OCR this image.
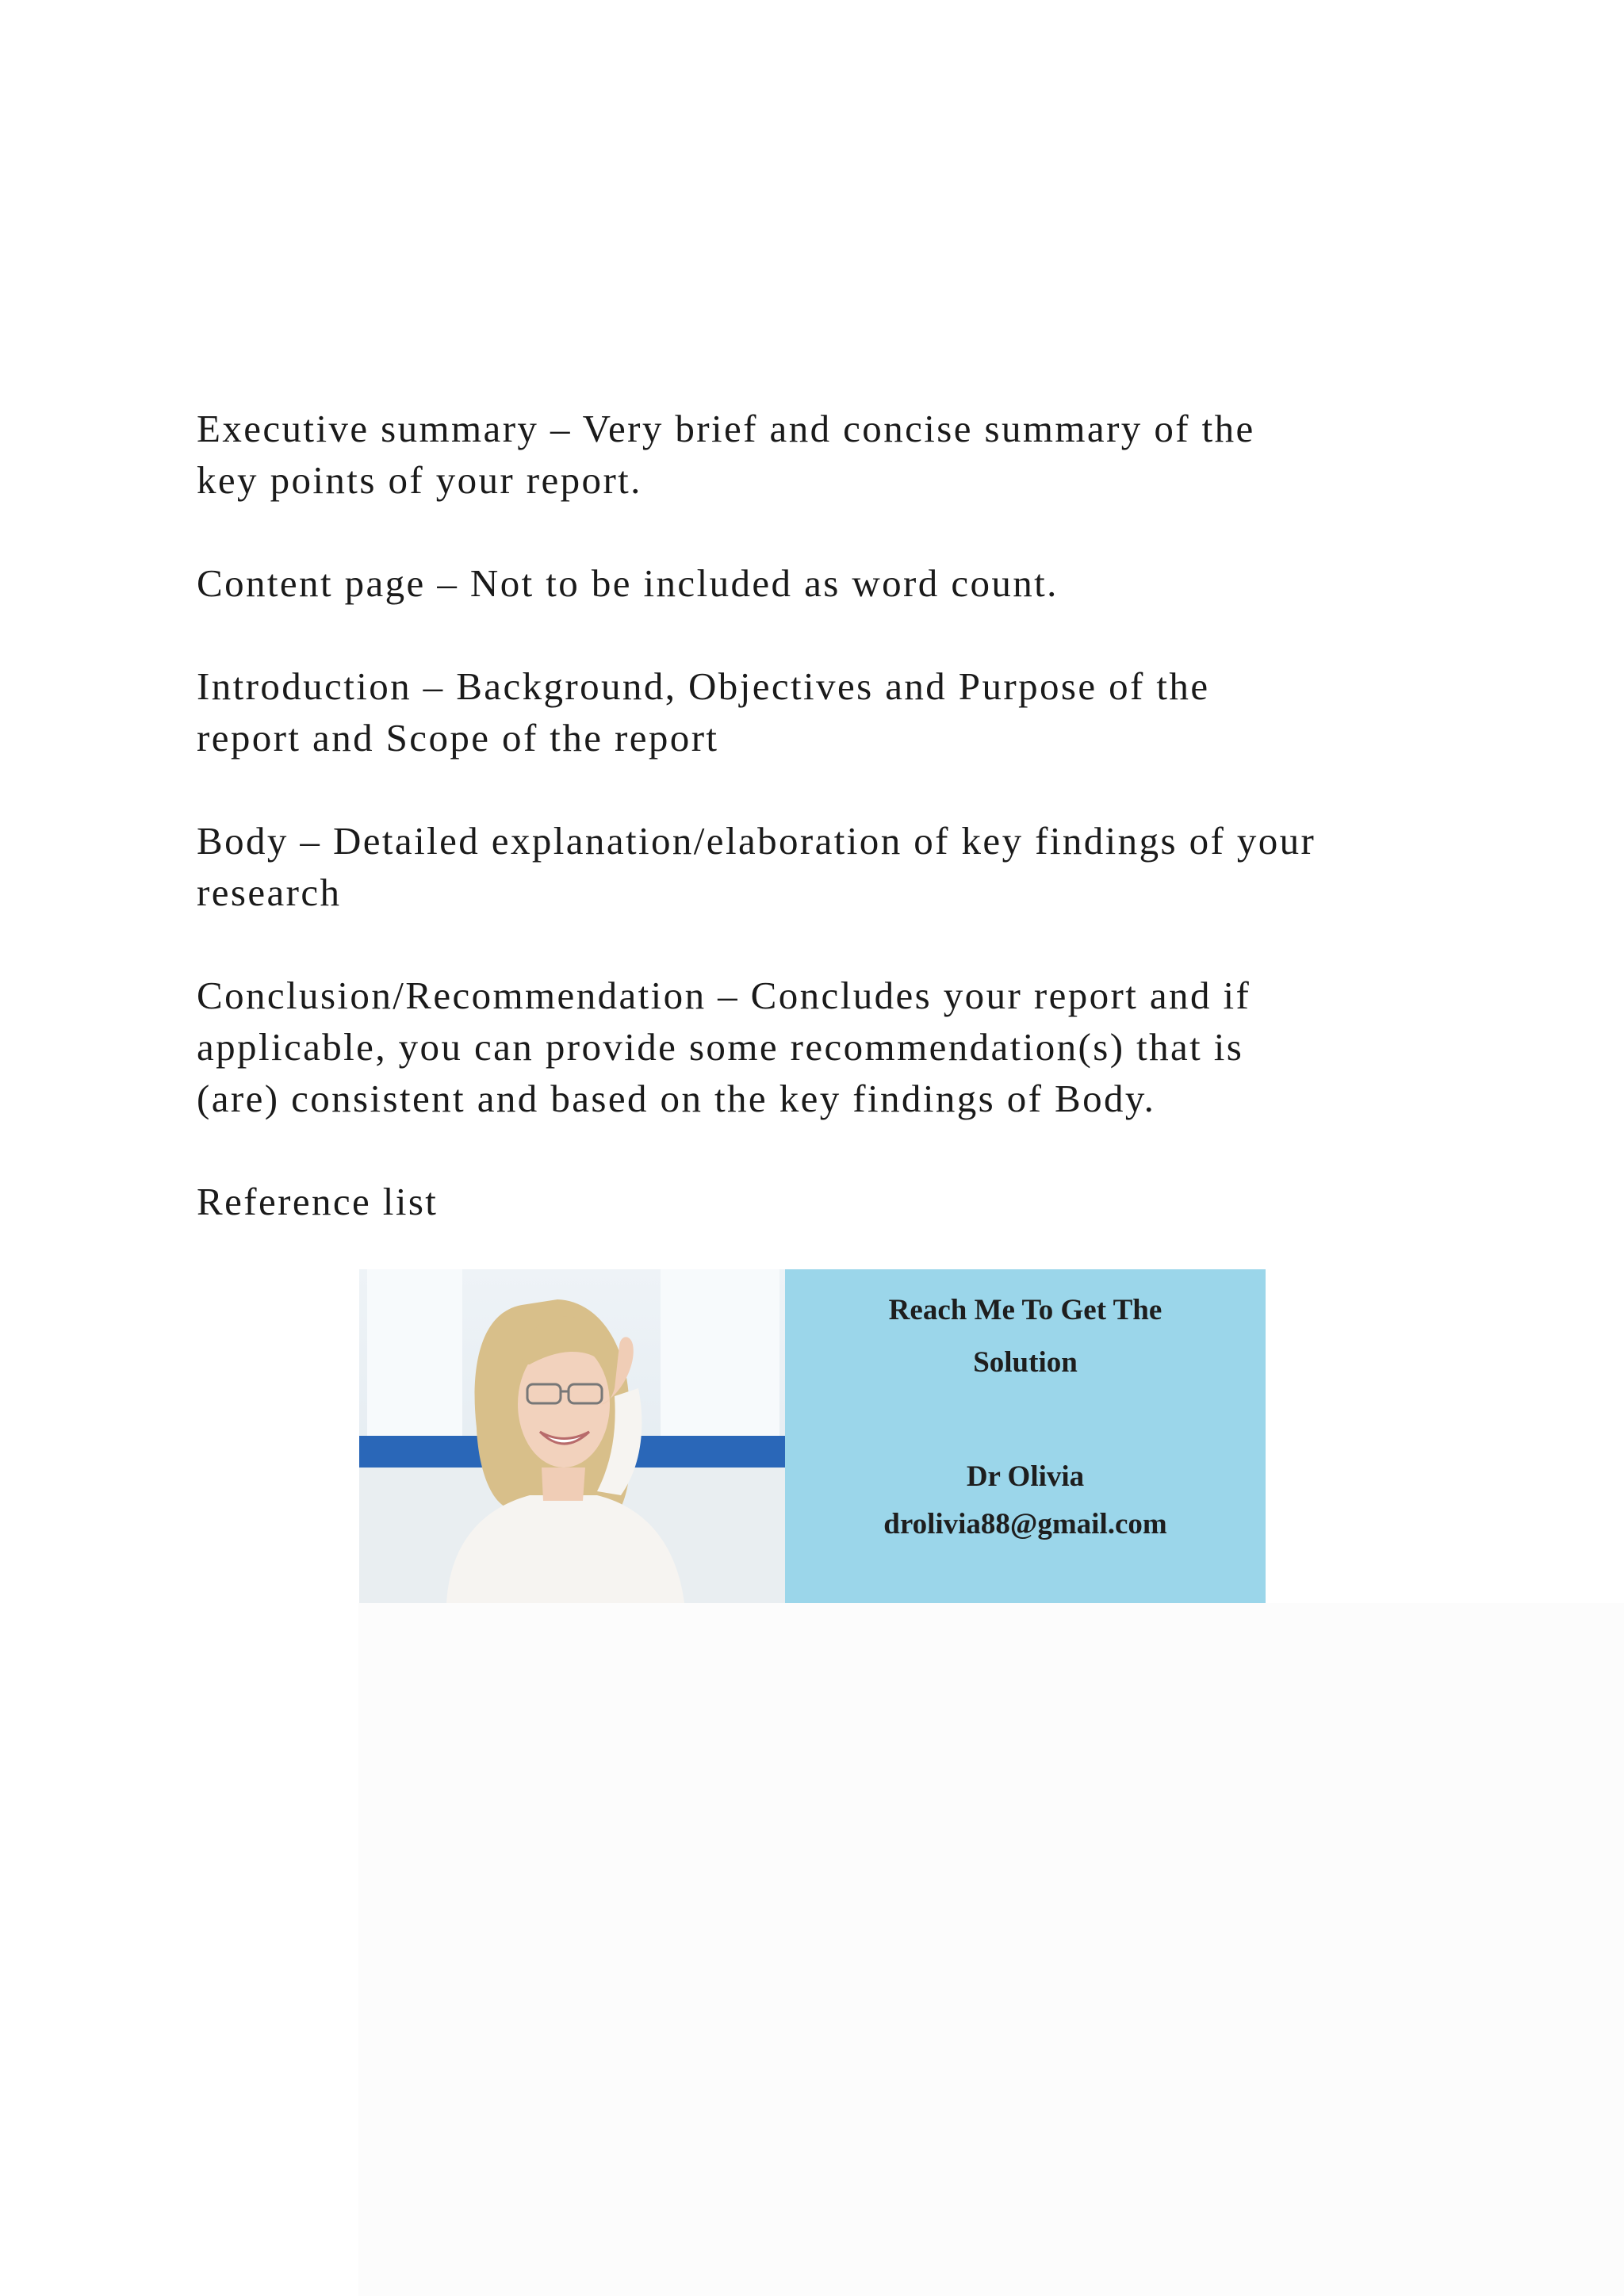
Executive summary – Very brief and concise summary of the
key points of your report.

Content page – Not to be included as word count.

Introduction – Background, Objectives and Purpose of the
report and Scope of the report

Body – Detailed explanation/elaboration of key findings of your
research

Conclusion/Recommendation – Concludes your report and if
applicable, you can provide some recommendation(s) that is
(are) consistent and based on the key findings of Body.

Reference list

Reach Me To Get The
Solution
Dr Olivia
drolivia88@gmail.com
